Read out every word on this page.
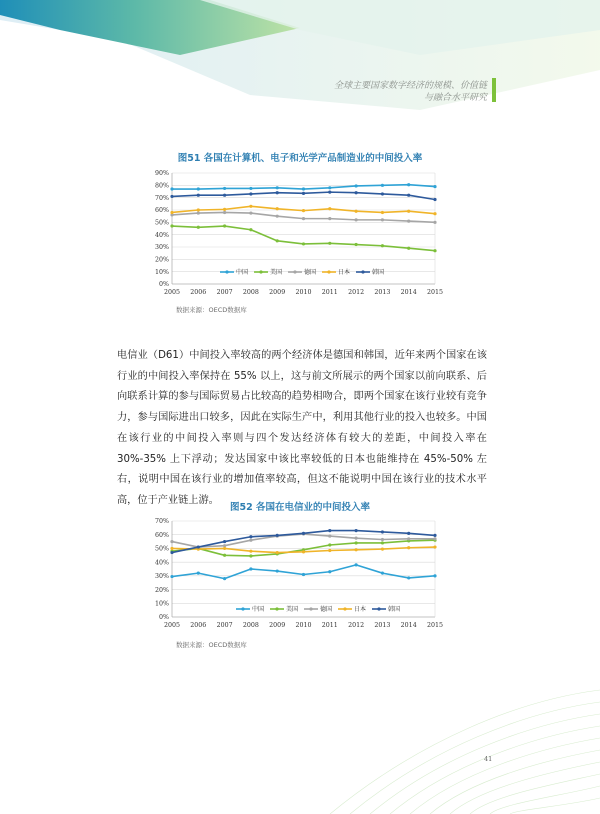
全球主要国家数字经济的规模、价值链
与融合水平研究
图51 各国在计算机、电子和光学产品制造业的中间投入率
0%
10%
20%
30%
40%
50%
60%
70%
80%
90%
2005 2006 2007 2008 2009 2010 2011 2012 2013 2014 2015
中国	美国	德国	日本	韩国
数据来源：OECD数据库

电信业（D61）中间投入率较高的两个经济体是德国和韩国，近年来两个国家在该行业的中间投入率保持在 55% 以上，这与前文所展示的两个国家以前向联系、后向联系计算的参与国际贸易占比较高的趋势相吻合，即两个国家在该行业较有竞争力，参与国际进出口较多，因此在实际生产中，利用其他行业的投入也较多。中国在该行业的中间投入率则与四个发达经济体有较大的差距，中间投入率在 30%-35% 上下浮动；发达国家中该比率较低的日本也能维持在 45%-50% 左右，说明中国在该行业的增加值率较高，但这不能说明中国在该行业的技术水平高，位于产业链上游。

图52 各国在电信业的中间投入率
0%
10%
20%
30%
40%
50%
60%
70%
2005 2006 2007 2008 2009 2010 2011 2012 2013 2014 2015
中国	美国	德国	日本	韩国
数据来源：OECD数据库
41
